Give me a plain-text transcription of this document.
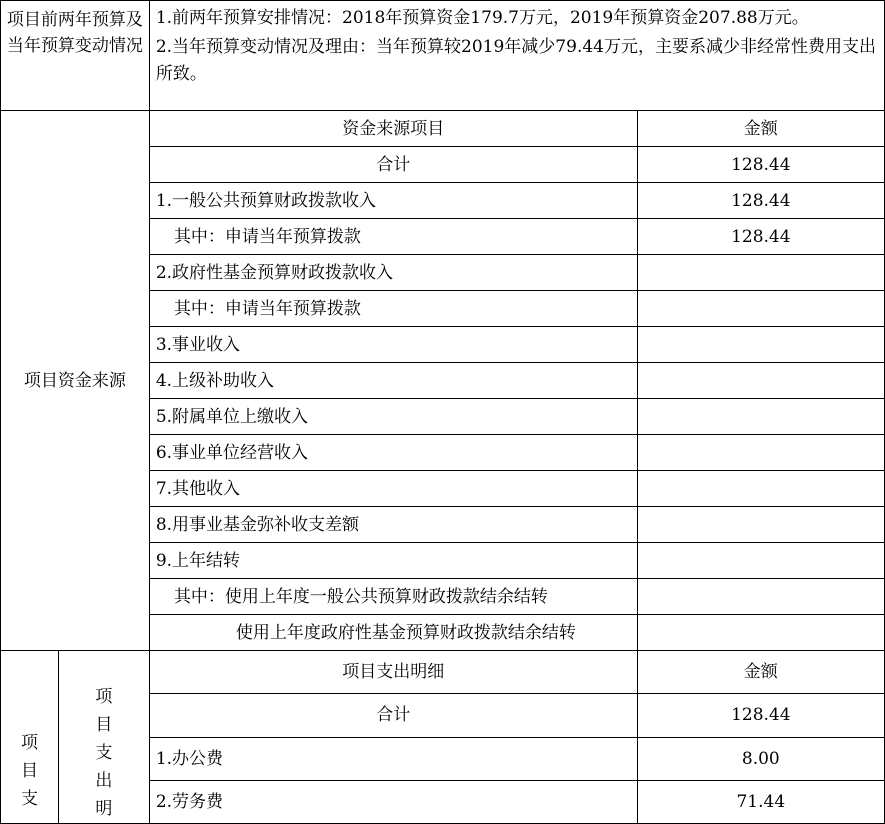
项目前两年预算及当年预算变动情况		1.前两年预算安排情况：2018年预算资金179.7万元，2019年预算资金207.88万元。

2.当年预算变动情况及理由：当年预算较2019年减少79.44万元，主要系减少非经常性费用支出所致。	

项目资金来源		资金来源项目	金额
		合计	128.44
		1.一般公共预算财政拨款收入	128.44
		其中：申请当年预算拨款	128.44
		2.政府性基金预算财政拨款收入	
		其中：申请当年预算拨款	
		3.事业收入	
		4.上级补助收入	
		5.附属单位上缴收入	
		6.事业单位经营收入	
		7.其他收入	
		8.用事业基金弥补收支差额	
		9.上年结转	
		其中：使用上年度一般公共预算财政拨款结余结转	
		使用上年度政府性基金预算财政拨款结余结转	

项目支	项目支出明	项目支出明细	金额
		合计	128.44
		1.办公费	8.00
		2.劳务费	71.44
